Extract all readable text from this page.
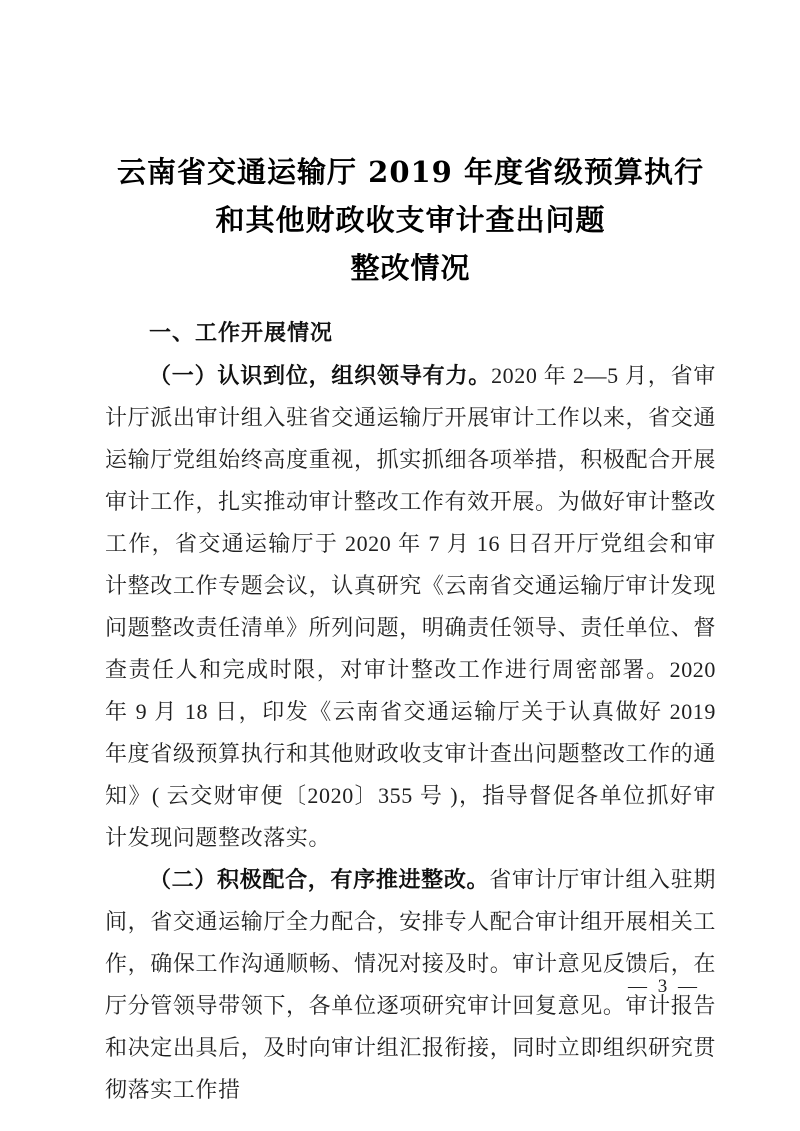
云南省交通运输厅 2019 年度省级预算执行
和其他财政收支审计查出问题
整改情况
一、工作开展情况

（一）认识到位，组织领导有力。2020 年 2—5 月，省审计厅派出审计组入驻省交通运输厅开展审计工作以来，省交通运输厅党组始终高度重视，抓实抓细各项举措，积极配合开展审计工作，扎实推动审计整改工作有效开展。为做好审计整改工作，省交通运输厅于 2020 年 7 月 16 日召开厅党组会和审计整改工作专题会议，认真研究《云南省交通运输厅审计发现问题整改责任清单》所列问题，明确责任领导、责任单位、督查责任人和完成时限，对审计整改工作进行周密部署。2020 年 9 月 18 日，印发《云南省交通运输厅关于认真做好 2019 年度省级预算执行和其他财政收支审计查出问题整改工作的通知》( 云交财审便〔2020〕355 号 )，指导督促各单位抓好审计发现问题整改落实。

（二）积极配合，有序推进整改。省审计厅审计组入驻期间，省交通运输厅全力配合，安排专人配合审计组开展相关工作，确保工作沟通顺畅、情况对接及时。审计意见反馈后，在厅分管领导带领下，各单位逐项研究审计回复意见。审计报告和决定出具后，及时向审计组汇报衔接，同时立即组织研究贯彻落实工作措

— 3 —
